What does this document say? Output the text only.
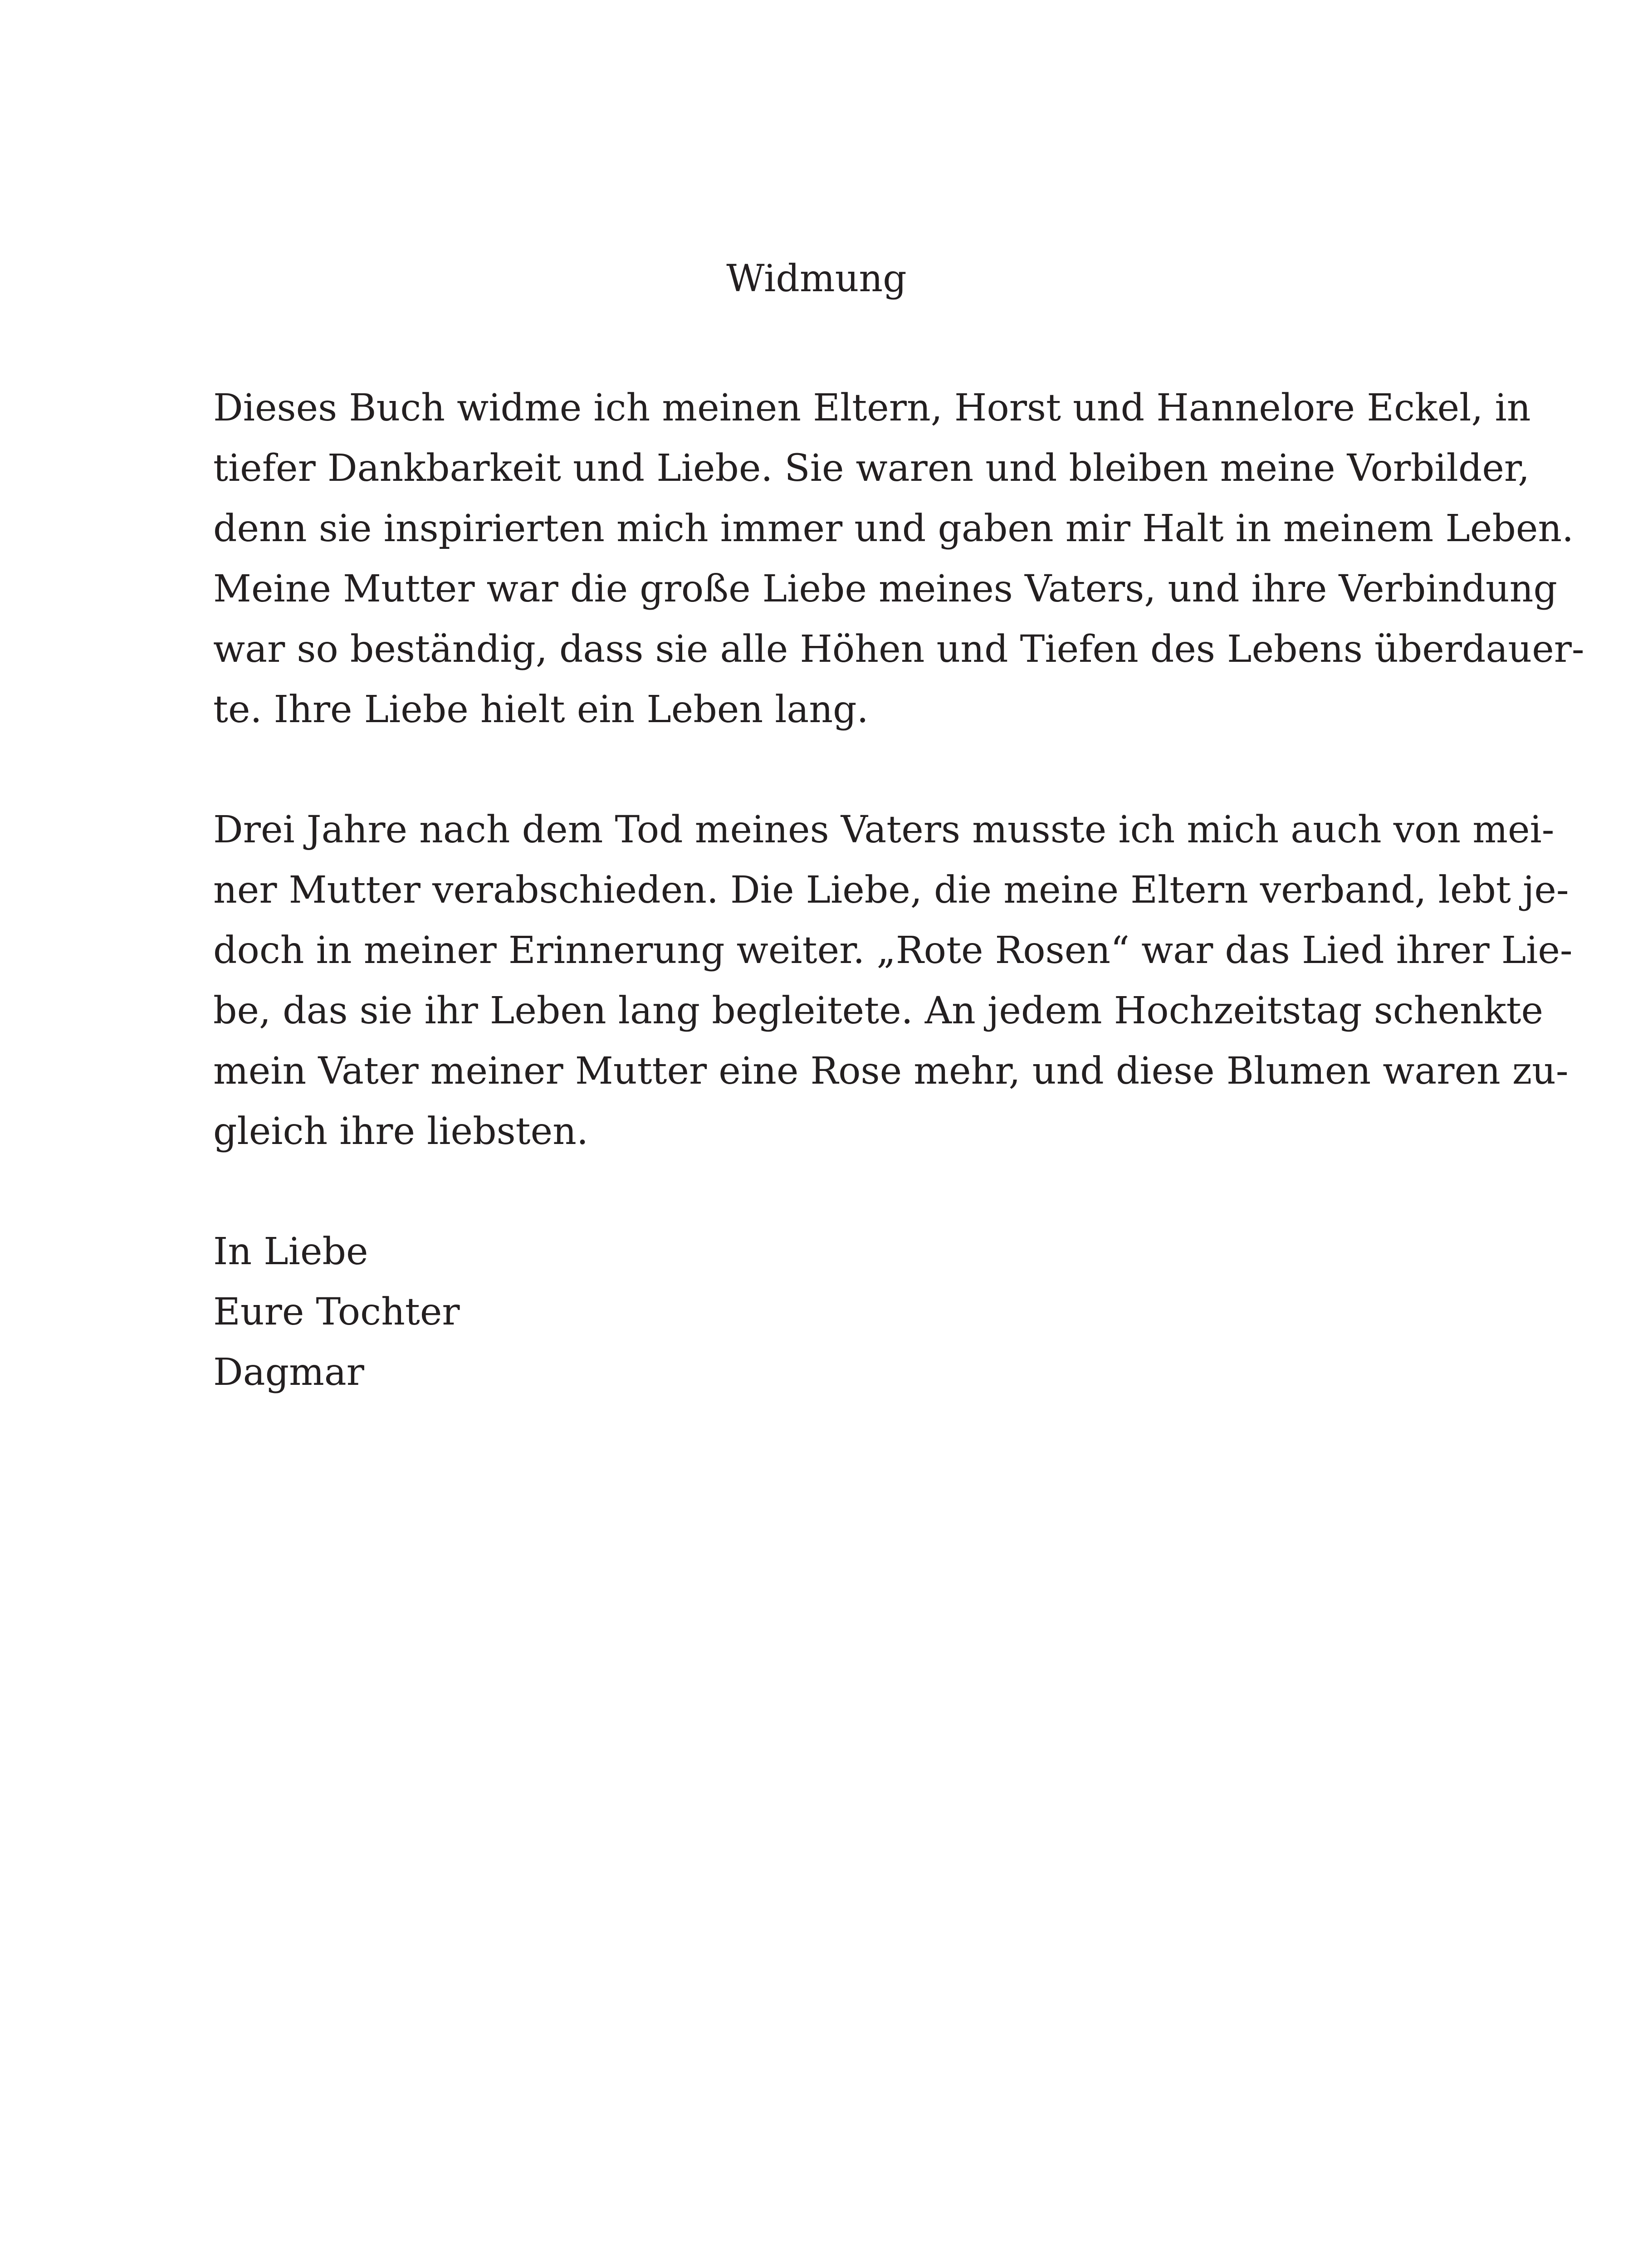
Widmung
Dieses Buch widme ich meinen Eltern, Horst und Hannelore Eckel, in
tiefer Dankbarkeit und Liebe. Sie waren und bleiben meine Vorbilder,
denn sie inspirierten mich immer und gaben mir Halt in meinem Leben.
Meine Mutter war die große Liebe meines Vaters, und ihre Verbindung
war so beständig, dass sie alle Höhen und Tiefen des Lebens überdauer-
te. Ihre Liebe hielt ein Leben lang.
Drei Jahre nach dem Tod meines Vaters musste ich mich auch von mei-
ner Mutter verabschieden. Die Liebe, die meine Eltern verband, lebt je-
doch in meiner Erinnerung weiter. „Rote Rosen“ war das Lied ihrer Lie-
be, das sie ihr Leben lang begleitete. An jedem Hochzeitstag schenkte
mein Vater meiner Mutter eine Rose mehr, und diese Blumen waren zu-
gleich ihre liebsten.
In Liebe
Eure Tochter
Dagmar
